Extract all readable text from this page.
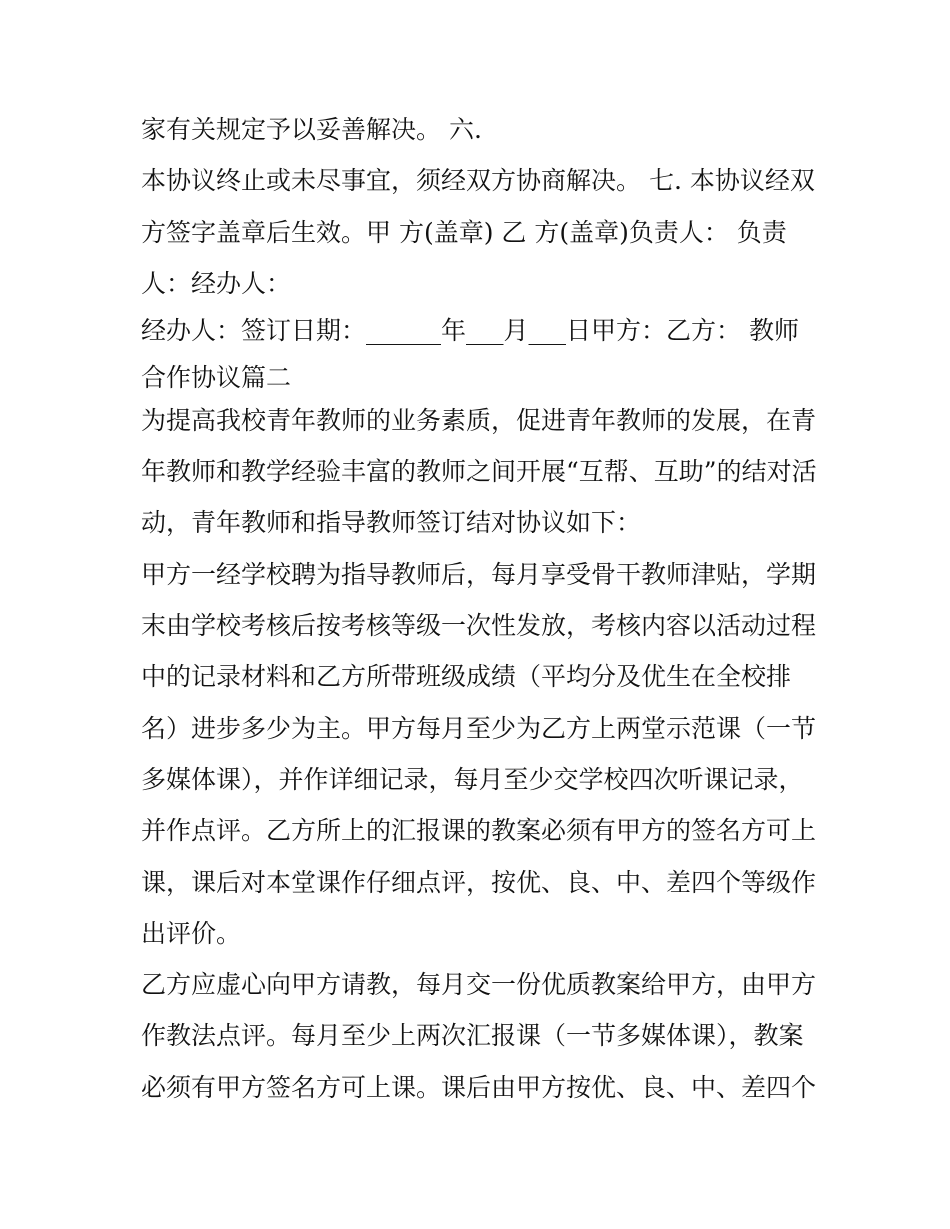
家有关规定予以妥善解决。 六.
本协议终止或未尽事宜，须经双方协商解决。 七. 本协议经双
方签字盖章后生效。甲 方(盖章) 乙 方(盖章)负责人： 负责
人：经办人：
经办人：签订日期：______年___月___日甲方：乙方： 教师
合作协议篇二
为提高我校青年教师的业务素质，促进青年教师的发展，在青
年教师和教学经验丰富的教师之间开展“互帮、互助”的结对活
动，青年教师和指导教师签订结对协议如下：
甲方一经学校聘为指导教师后，每月享受骨干教师津贴，学期
末由学校考核后按考核等级一次性发放，考核内容以活动过程
中的记录材料和乙方所带班级成绩（平均分及优生在全校排
名）进步多少为主。甲方每月至少为乙方上两堂示范课（一节
多媒体课），并作详细记录，每月至少交学校四次听课记录，
并作点评。乙方所上的汇报课的教案必须有甲方的签名方可上
课，课后对本堂课作仔细点评，按优、良、中、差四个等级作
出评价。
乙方应虚心向甲方请教，每月交一份优质教案给甲方，由甲方
作教法点评。每月至少上两次汇报课（一节多媒体课），教案
必须有甲方签名方可上课。课后由甲方按优、良、中、差四个
